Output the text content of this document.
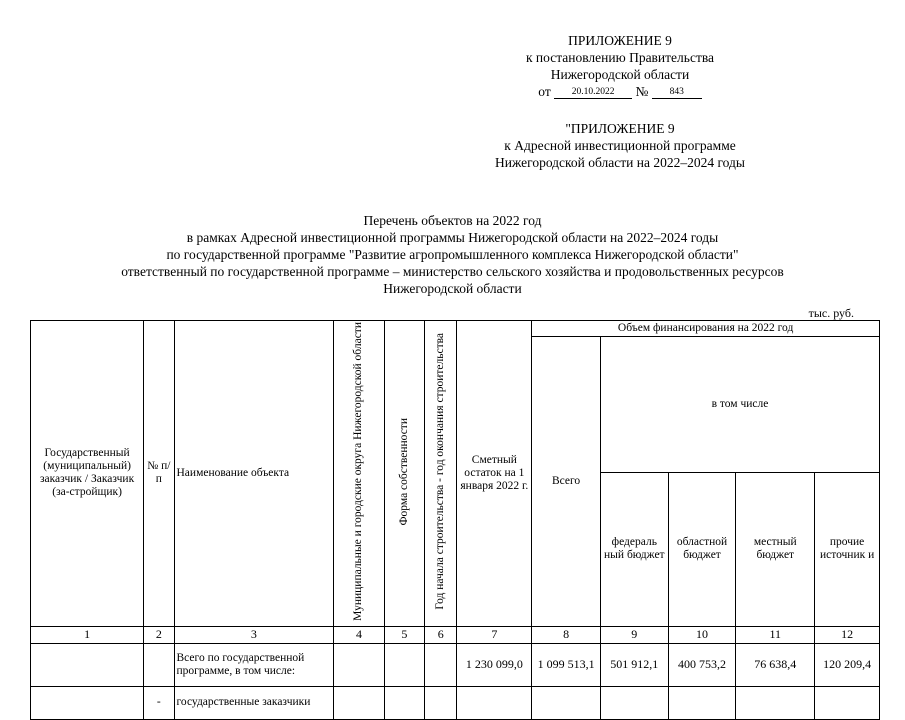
ПРИЛОЖЕНИЕ 9
к постановлению Правительства
Нижегородской области
от 20.10.2022 № 843
"ПРИЛОЖЕНИЕ 9
к Адресной инвестиционной программе
Нижегородской области на 2022–2024 годы
Перечень объектов на 2022 год
в рамках Адресной инвестиционной программы Нижегородской области на 2022–2024 годы
по государственной программе "Развитие агропромышленного комплекса Нижегородской области"
ответственный по государственной программе – министерство сельского хозяйства и продовольственных ресурсов
Нижегородской области
тыс. руб.
Государственный (муниципальный) заказчик / Заказчик (за-стройщик)	№ п/п	Наименование объекта	Муниципальные и городские округа Нижегородской области	Форма собственности	Год начала строительства - год окончания строительства	Сметный остаток на 1 января 2022 г.	Объем финансирования на 2022 год				
							Всего	в том числе			
								федераль ный бюджет	областной бюджет	местный бюджет	прочие источник и
1	2	3	4	5	6	7	8	9	10	11	12
		Всего по государственной программе, в том числе:				1 230 099,0	1 099 513,1	501 912,1	400 753,2	76 638,4	120 209,4
	-	государственные заказчики									
